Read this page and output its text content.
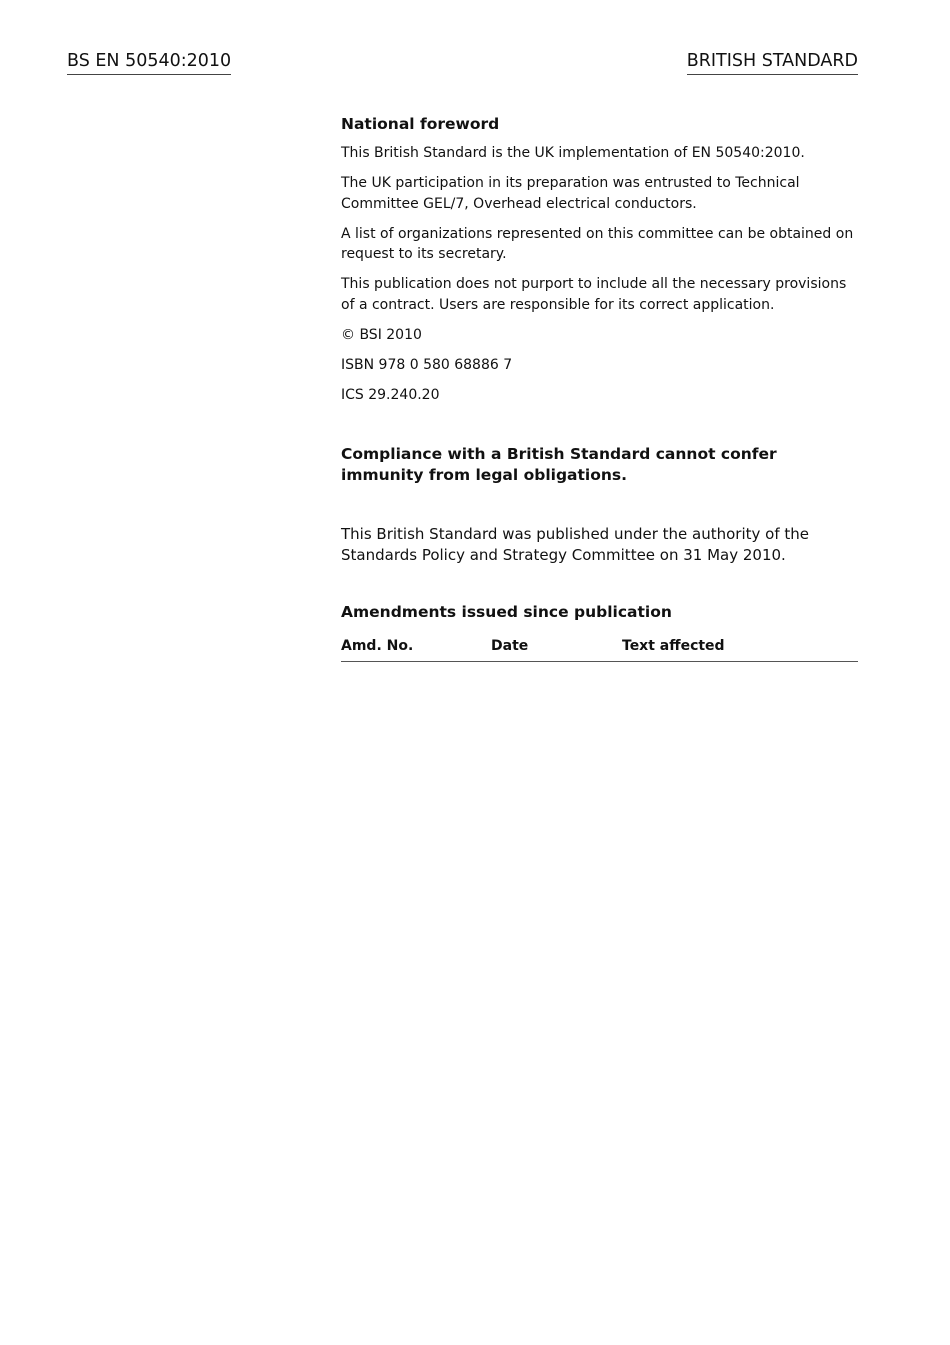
BS EN 50540:2010	BRITISH STANDARD
National foreword

This British Standard is the UK implementation of EN 50540:2010.

The UK participation in its preparation was entrusted to Technical Committee GEL/7, Overhead electrical conductors.

A list of organizations represented on this committee can be obtained on request to its secretary.

This publication does not purport to include all the necessary provisions of a contract. Users are responsible for its correct application.

© BSI 2010

ISBN 978 0 580 68886 7

ICS 29.240.20

Compliance with a British Standard cannot confer immunity from legal obligations.
This British Standard was published under the authority of the Standards Policy and Strategy Committee on 31 May 2010.
Amendments issued since publication
Amd. No.	Date	Text affected
